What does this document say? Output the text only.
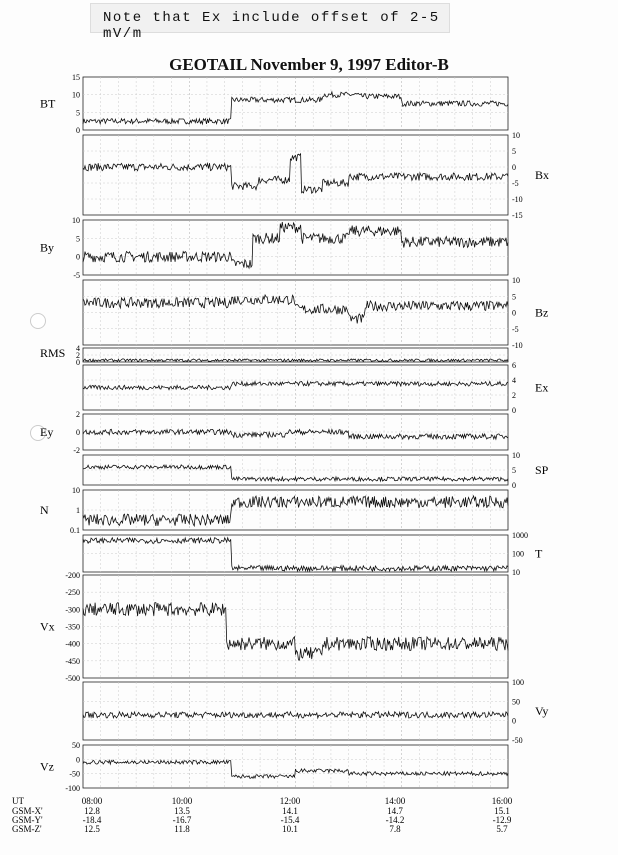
Note that Ex include offset of 2-5 mV/m
GEOTAIL November 9, 1997 Editor-B
15
10
5
0
BT
10
5
0
-5
-10
-15
Bx
10
5
0
-5
By
10
5
0
-5
-10
Bz
4
2
0
RMS
6
4
2
0
Ex
2
0
-2
Ey
10
5
0
SP
10
1
0.1
N
1000
100
10
T
-200
-250
-300
-350
-400
-450
-500
Vx
100
50
0
-50
Vy
50
0
-50
-100
Vz
UT
GSM-X'
GSM-Y'
GSM-Z'
08:00
12.8
-18.4
12.5
10:00
13.5
-16.7
11.8
12:00
14.1
-15.4
10.1
14:00
14.7
-14.2
7.8
16:00
15.1
-12.9
5.7
